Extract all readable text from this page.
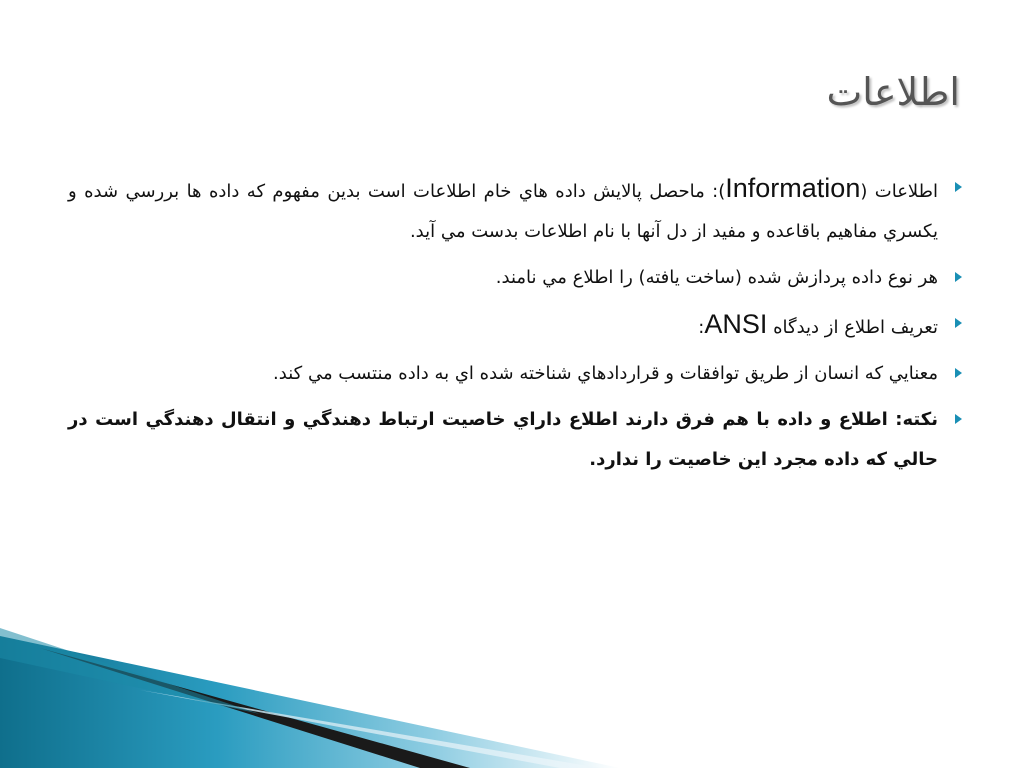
اطلاعات
اطلاعات (Information): ماحصل پالايش داده هاي خام اطلاعات است بدين مفهوم که داده ها بررسي شده و يکسري مفاهيم باقاعده و مفيد از دل آنها با نام اطلاعات بدست مي آيد.
هر نوع داده پردازش شده (ساخت يافته) را اطلاع مي نامند.
تعريف اطلاع از ديدگاه ANSI:
معنايي که انسان از طريق توافقات و قراردادهاي شناخته شده اي به داده منتسب مي کند.
نکته: اطلاع و داده با هم فرق دارند اطلاع داراي خاصيت ارتباط دهندگي و انتقال دهندگي است در حالي که داده مجرد اين خاصيت را ندارد.
